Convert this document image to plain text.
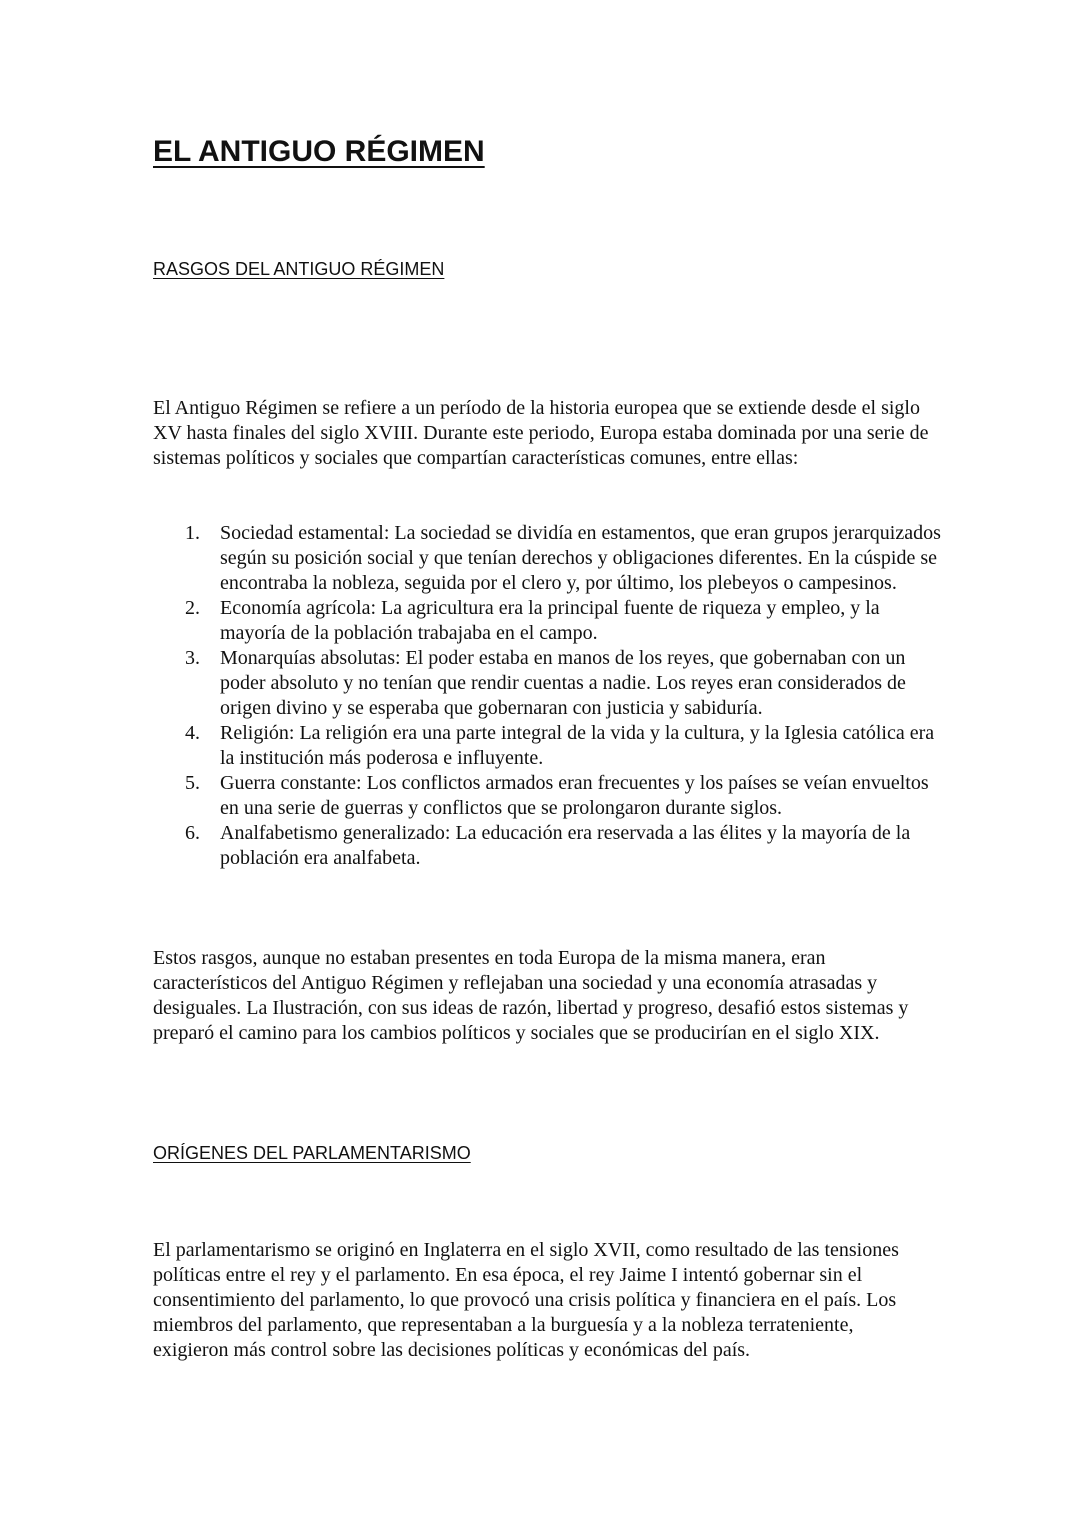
EL ANTIGUO RÉGIMEN
RASGOS DEL ANTIGUO RÉGIMEN

El Antiguo Régimen se refiere a un período de la historia europea que se extiende desde el siglo XV hasta finales del siglo XVIII. Durante este periodo, Europa estaba dominada por una serie de sistemas políticos y sociales que compartían características comunes, entre ellas:

1.	Sociedad estamental: La sociedad se dividía en estamentos, que eran grupos jerarquizados según su posición social y que tenían derechos y obligaciones diferentes. En la cúspide se encontraba la nobleza, seguida por el clero y, por último, los plebeyos o campesinos.
2.	Economía agrícola: La agricultura era la principal fuente de riqueza y empleo, y la mayoría de la población trabajaba en el campo.
3.	Monarquías absolutas: El poder estaba en manos de los reyes, que gobernaban con un poder absoluto y no tenían que rendir cuentas a nadie. Los reyes eran considerados de origen divino y se esperaba que gobernaran con justicia y sabiduría.
4.	Religión: La religión era una parte integral de la vida y la cultura, y la Iglesia católica era la institución más poderosa e influyente.
5.	Guerra constante: Los conflictos armados eran frecuentes y los países se veían envueltos en una serie de guerras y conflictos que se prolongaron durante siglos.
6.	Analfabetismo generalizado: La educación era reservada a las élites y la mayoría de la población era analfabeta.

Estos rasgos, aunque no estaban presentes en toda Europa de la misma manera, eran característicos del Antiguo Régimen y reflejaban una sociedad y una economía atrasadas y desiguales. La Ilustración, con sus ideas de razón, libertad y progreso, desafió estos sistemas y preparó el camino para los cambios políticos y sociales que se producirían en el siglo XIX.

ORÍGENES DEL PARLAMENTARISMO

El parlamentarismo se originó en Inglaterra en el siglo XVII, como resultado de las tensiones políticas entre el rey y el parlamento. En esa época, el rey Jaime I intentó gobernar sin el consentimiento del parlamento, lo que provocó una crisis política y financiera en el país. Los miembros del parlamento, que representaban a la burguesía y a la nobleza terrateniente, exigieron más control sobre las decisiones políticas y económicas del país.
